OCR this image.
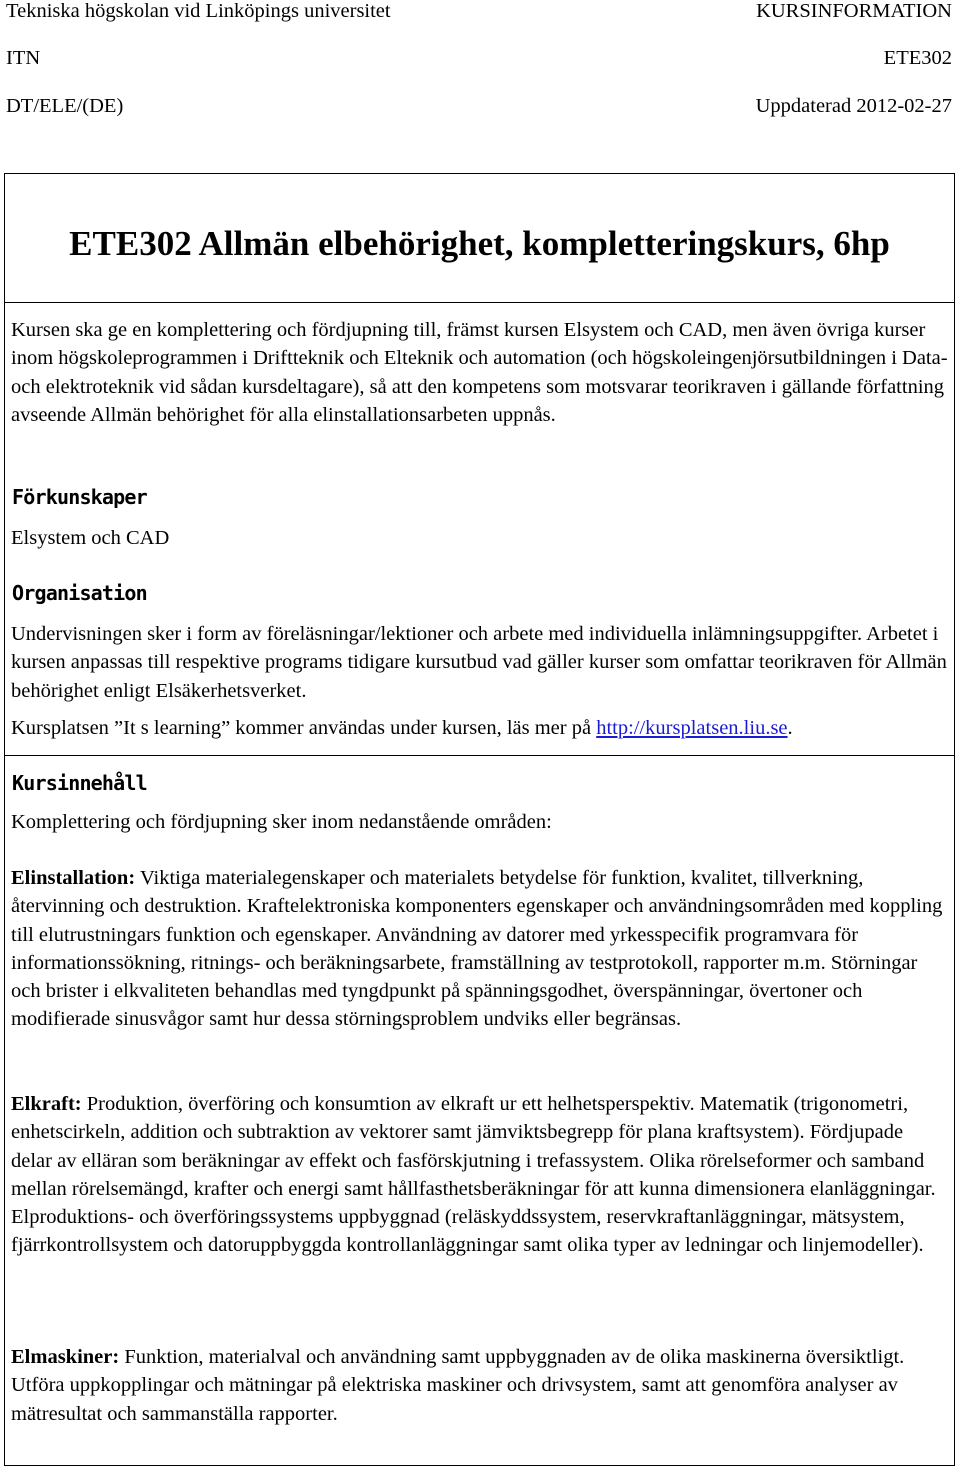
Tekniska högskolan vid Linköpings universitet	KURSINFORMATION
ITN	ETE302
DT/ELE/(DE)	Uppdaterad 2012-02-27
ETE302 Allmän elbehörighet, kompletteringskurs, 6hp
Kursen ska ge en komplettering och fördjupning till, främst kursen Elsystem och CAD, men även övriga kurser inom högskoleprogrammen i Driftteknik och Elteknik och automation (och högskoleingenjörsutbildningen i Data- och elektroteknik vid sådan kursdeltagare), så att den kompetens som motsvarar teorikraven i gällande författning avseende Allmän behörighet för alla elinstallationsarbeten uppnås.
Förkunskaper
Elsystem och CAD
Organisation
Undervisningen sker i form av föreläsningar/lektioner och arbete med individuella inlämningsuppgifter. Arbetet i kursen anpassas till respektive programs tidigare kursutbud vad gäller kurser som omfattar teorikraven för Allmän behörighet enligt Elsäkerhetsverket.
Kursplatsen ”It s learning” kommer användas under kursen, läs mer på http://kursplatsen.liu.se.
Kursinnehåll
Komplettering och fördjupning sker inom nedanstående områden:
Elinstallation: Viktiga materialegenskaper och materialets betydelse för funktion, kvalitet, tillverkning, återvinning och destruktion. Kraftelektroniska komponenters egenskaper och användningsområden med koppling till elutrustningars funktion och egenskaper. Användning av datorer med yrkesspecifik programvara för informationssökning, ritnings- och beräkningsarbete, framställning av testprotokoll, rapporter m.m. Störningar och brister i elkvaliteten behandlas med tyngdpunkt på spänningsgodhet, överspänningar, övertoner och modifierade sinusvågor samt hur dessa störningsproblem undviks eller begränsas.
Elkraft: Produktion, överföring och konsumtion av elkraft ur ett helhetsperspektiv. Matematik (trigonometri, enhetscirkeln, addition och subtraktion av vektorer samt jämviktsbegrepp för plana kraftsystem). Fördjupade delar av elläran som beräkningar av effekt och fasförskjutning i trefassystem. Olika rörelseformer och samband mellan rörelsemängd, krafter och energi samt hållfasthetsberäkningar för att kunna dimensionera elanläggningar. Elproduktions- och överföringssystems uppbyggnad (reläskyddssystem, reservkraftanläggningar, mätsystem, fjärrkontrollsystem och datoruppbyggda kontrollanläggningar samt olika typer av ledningar och linjemodeller).
Elmaskiner: Funktion, materialval och användning samt uppbyggnaden av de olika maskinerna översiktligt. Utföra uppkopplingar och mätningar på elektriska maskiner och drivsystem, samt att genomföra analyser av mätresultat och sammanställa rapporter.
